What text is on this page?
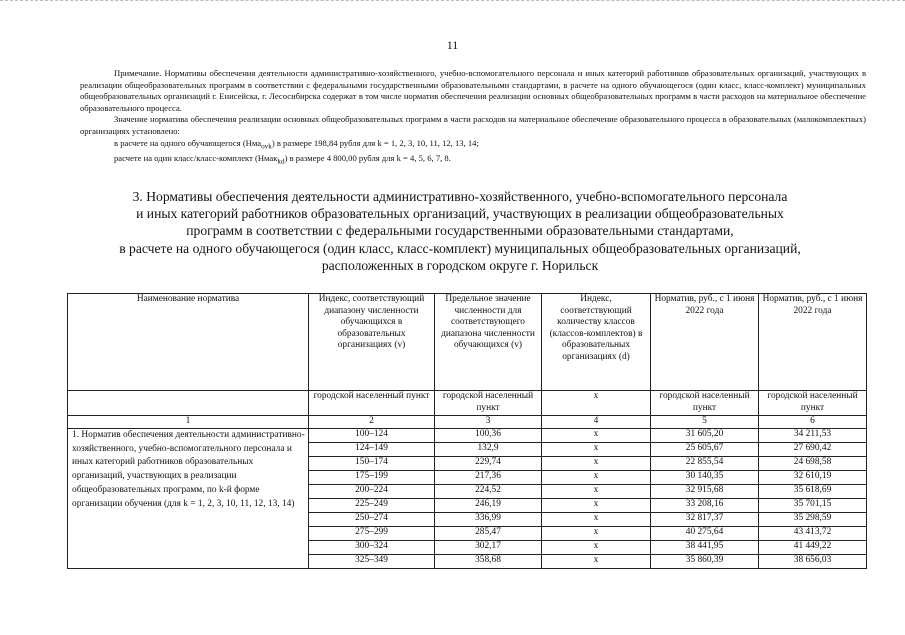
11

Примечание. Нормативы обеспечения деятельности административно-хозяйственного, учебно-вспомогательного персонала и иных категорий работников образовательных организаций, участвующих в реализации общеобразовательных программ в соответствии с федеральными государственными образовательными стандартами, в расчете на одного обучающегося (один класс, класс-комплект) муниципальных общеобразовательных организаций г. Енисейска, г. Лесосибирска содержат в том числе норматив обеспечения реализации основных общеобразовательных программ в части расходов на материальное обеспечение образовательного процесса.

Значение норматива обеспечения реализации основных общеобразовательных программ в части расходов на материальное обеспечение образовательного процесса в образовательных (малокомплектных) организациях установлено:

в расчете на одного обучающегося (Нма$_{ovk}$) в размере 198,84 рубля для k = 1, 2, 3, 10, 11, 12, 13, 14;

расчете на один класс/класс-комплект (Нмак$_{kd}$) в размере 4 800,00 рубля для k = 4, 5, 6, 7, 8.

3. Нормативы обеспечения деятельности административно-хозяйственного, учебно-вспомогательного персонала
и иных категорий работников образовательных организаций, участвующих в реализации общеобразовательных
программ в соответствии с федеральными государственными образовательными стандартами,
в расчете на одного обучающегося (один класс, класс-комплект) муниципальных общеобразовательных организаций,
расположенных в городском округе г. Норильск
Наименование норматива	Индекс, соответствующий диапазону численности обучающихся в образовательных организациях (v)	Предельное значение численности для соответствующего диапазона численности обучающихся (v)	Индекс, соответствующий количеству классов (классов-комплектов) в образовательных организациях (d)	Норматив, руб., с 1 июня 2022 года	Норматив, руб., с 1 июня 2022 года
	городской населенный пункт	городской населенный пункт	x	городской населенный пункт	городской населенный пункт
1	2	3	4	5	6
1. Норматив обеспечения деятельности административно-хозяйственного, учебно-вспомогательного персонала и иных категорий работников образовательных организаций, участвующих в реализации общеобразовательных программ, по k-й форме организации обучения (для k = 1, 2, 3, 10, 11, 12, 13, 14)	100–124	100,36	x	31 605,20	34 211,53
	124–149	132,9	x	25 605,67	27 690,42
	150–174	229,74	x	22 855,54	24 698,58
	175–199	217,36	x	30 140,35	32 610,19
	200–224	224,52	x	32 915,68	35 618,69
	225–249	246,19	x	33 208,16	35 701,15
	250–274	336,99	x	32 817,37	35 298,59
	275–299	285,47	x	40 275,64	43 413,72
	300–324	302,17	x	38 441,95	41 449,22
	325–349	358,68	x	35 860,39	38 656,03
